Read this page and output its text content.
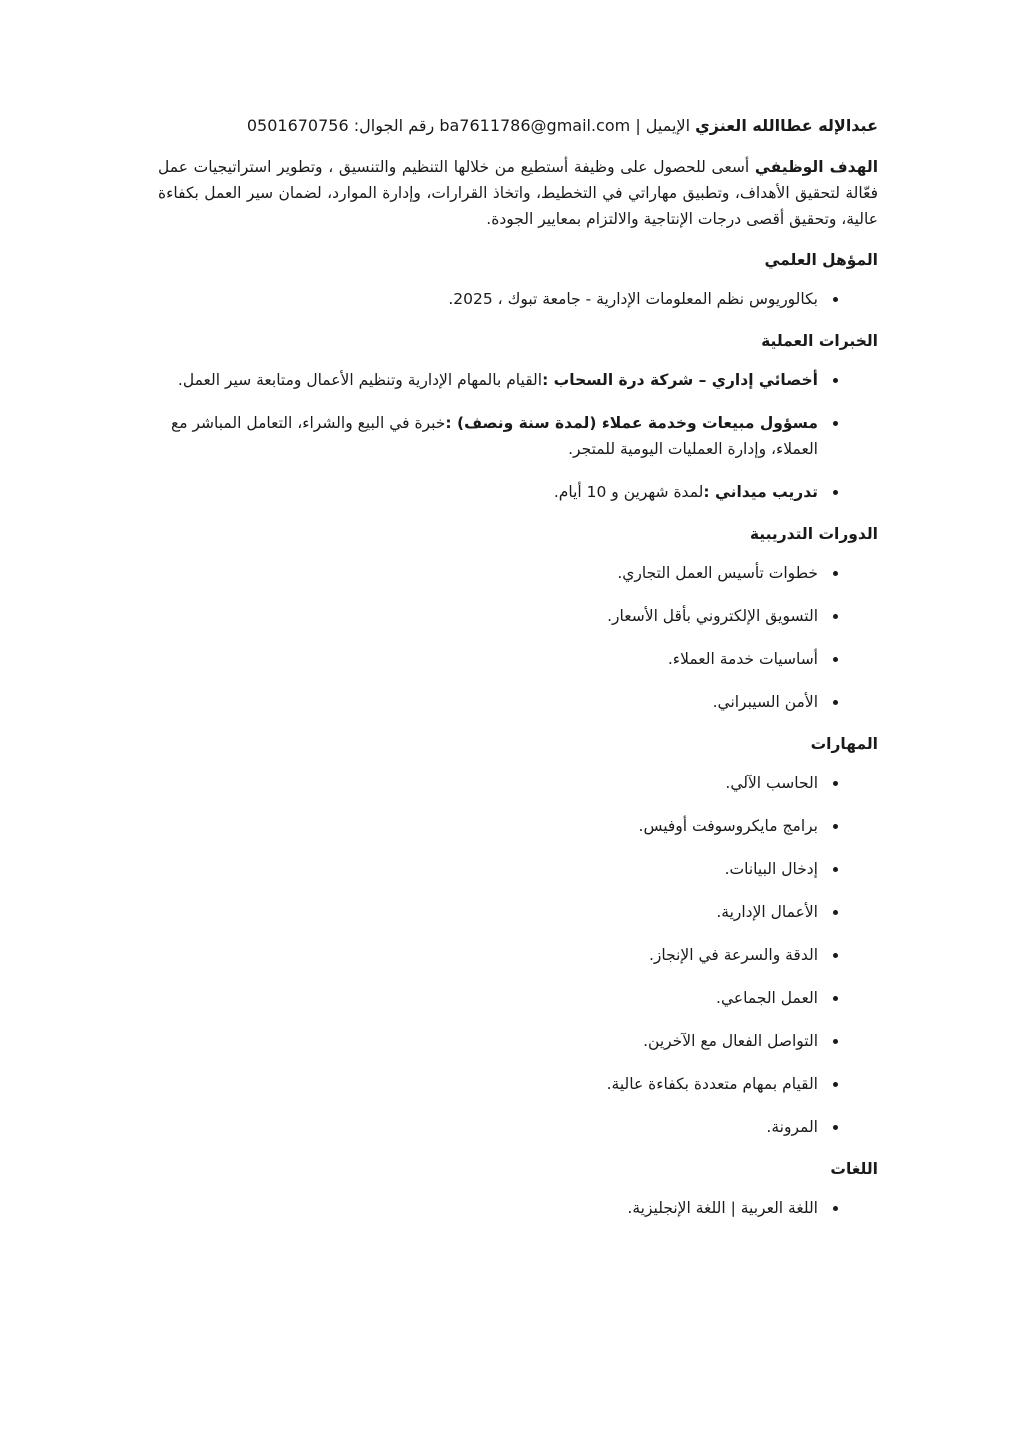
عبدالإله عطاالله العنزي الإيميل | ba7611786@gmail.com :رقم الجوال 0501670756

الهدف الوظيفي أسعى للحصول على وظيفة أستطيع من خلالها التنظيم والتنسيق ، وتطوير استراتيجيات عمل فعّالة لتحقيق الأهداف، وتطبيق مهاراتي في التخطيط، واتخاذ القرارات، وإدارة الموارد، لضمان سير العمل بكفاءة عالية، وتحقيق أقصى درجات الإنتاجية والالتزام بمعايير الجودة.

المؤهل العلمي
بكالوريوس نظم المعلومات الإدارية - جامعة تبوك ، 2025.
الخبرات العملية
أخصائي إداري – شركة درة السحاب :القيام بالمهام الإدارية وتنظيم الأعمال ومتابعة سير العمل.
مسؤول مبيعات وخدمة عملاء (لمدة سنة ونصف) :خبرة في البيع والشراء، التعامل المباشر مع العملاء، وإدارة العمليات اليومية للمتجر.
تدريب ميداني :لمدة شهرين و 10 أيام.
الدورات التدريبية
خطوات تأسيس العمل التجاري.
التسويق الإلكتروني بأقل الأسعار.
أساسيات خدمة العملاء.
الأمن السيبراني.
المهارات
الحاسب الآلي.
برامج مايكروسوفت أوفيس.
إدخال البيانات.
الأعمال الإدارية.
الدقة والسرعة في الإنجاز.
العمل الجماعي.
التواصل الفعال مع الآخرين.
القيام بمهام متعددة بكفاءة عالية.
المرونة.
اللغات
اللغة العربية | اللغة الإنجليزية.
